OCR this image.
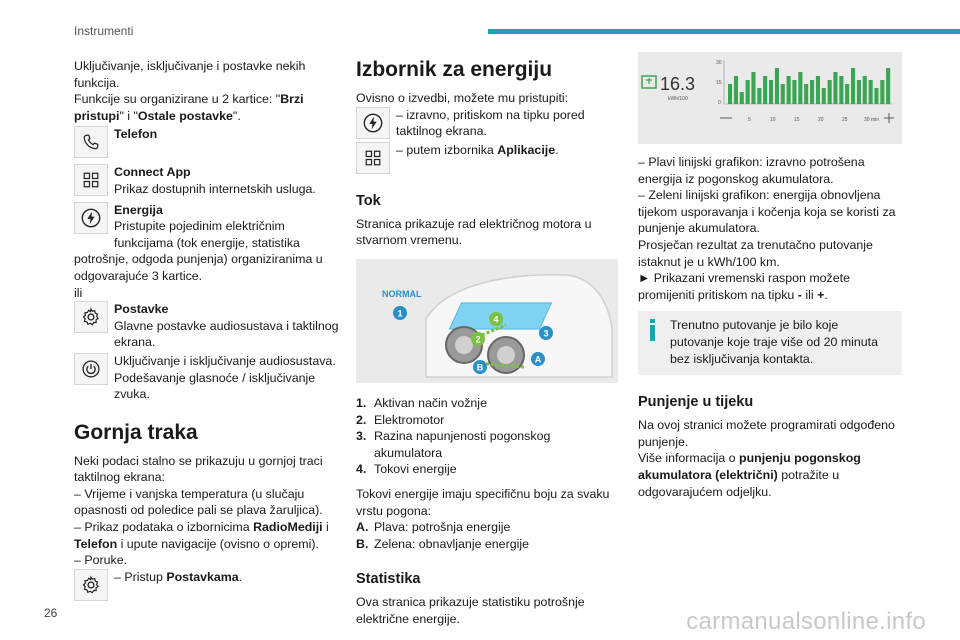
Instrumenti

Uključivanje, isključivanje i postavke nekih funkcija.

Funkcije su organizirane u 2 kartice: "Brzi pristupi" i "Ostale postavke".

Telefon
Connect App
Prikaz dostupnih internetskih usluga.
Energija
Pristupite pojedinim električnim funkcijama (tok energije, statistika potrošnje, odgoda punjenja) organiziranima u odgovarajuće 3 kartice.

ili

Postavke
Glavne postavke audiosustava i taktilnog ekrana.
Uključivanje i isključivanje audiosustava. Podešavanje glasnoće / isključivanje zvuka.
Gornja traka

Neki podaci stalno se prikazuju u gornjoj traci taktilnog ekrana:

– Vrijeme i vanjska temperatura (u slučaju opasnosti od poledice pali se plava žaruljica).

– Prikaz podataka o izbornicima RadioMediji i Telefon i upute navigacije (ovisno o opremi).

– Poruke.

– Pristup Postavkama.
Izbornik za energiju

Ovisno o izvedbi, možete mu pristupiti:

– izravno, pritiskom na tipku pored taktilnog ekrana.
– putem izbornika Aplikacije.
Tok

Stranica prikazuje rad električnog motora u stvarnom vremenu.

NORMAL
1
2
3
4
A
B
1. Aktivan način vožnje
2. Elektromotor
3. Razina napunjenosti pogonskog akumulatora
4. Tokovi energije

Tokovi energije imaju specifičnu boju za svaku vrstu pogona:

A. Plava: potrošnja energije
B. Zelena: obnavljanje energije
Statistika

Ova stranica prikazuje statistiku potrošnje električne energije.

16.3
kWh/100
30
15
0
5	10	15	20	25	30 min

– Plavi linijski grafikon: izravno potrošena energija iz pogonskog akumulatora.

– Zeleni linijski grafikon: energija obnovljena tijekom usporavanja i kočenja koja se koristi za punjenje akumulatora.

Prosječan rezultat za trenutačno putovanje istaknut je u kWh/100 km.

► Prikazani vremenski raspon možete promijeniti pritiskom na tipku - ili +.

Trenutno putovanje je bilo koje putovanje koje traje više od 20 minuta bez isključivanja kontakta.
Punjenje u tijeku

Na ovoj stranici možete programirati odgođeno punjenje.

Više informacija o punjenju pogonskog akumulatora (električni) potražite u odgovarajućem odjeljku.

26	carmanualsonline.info
